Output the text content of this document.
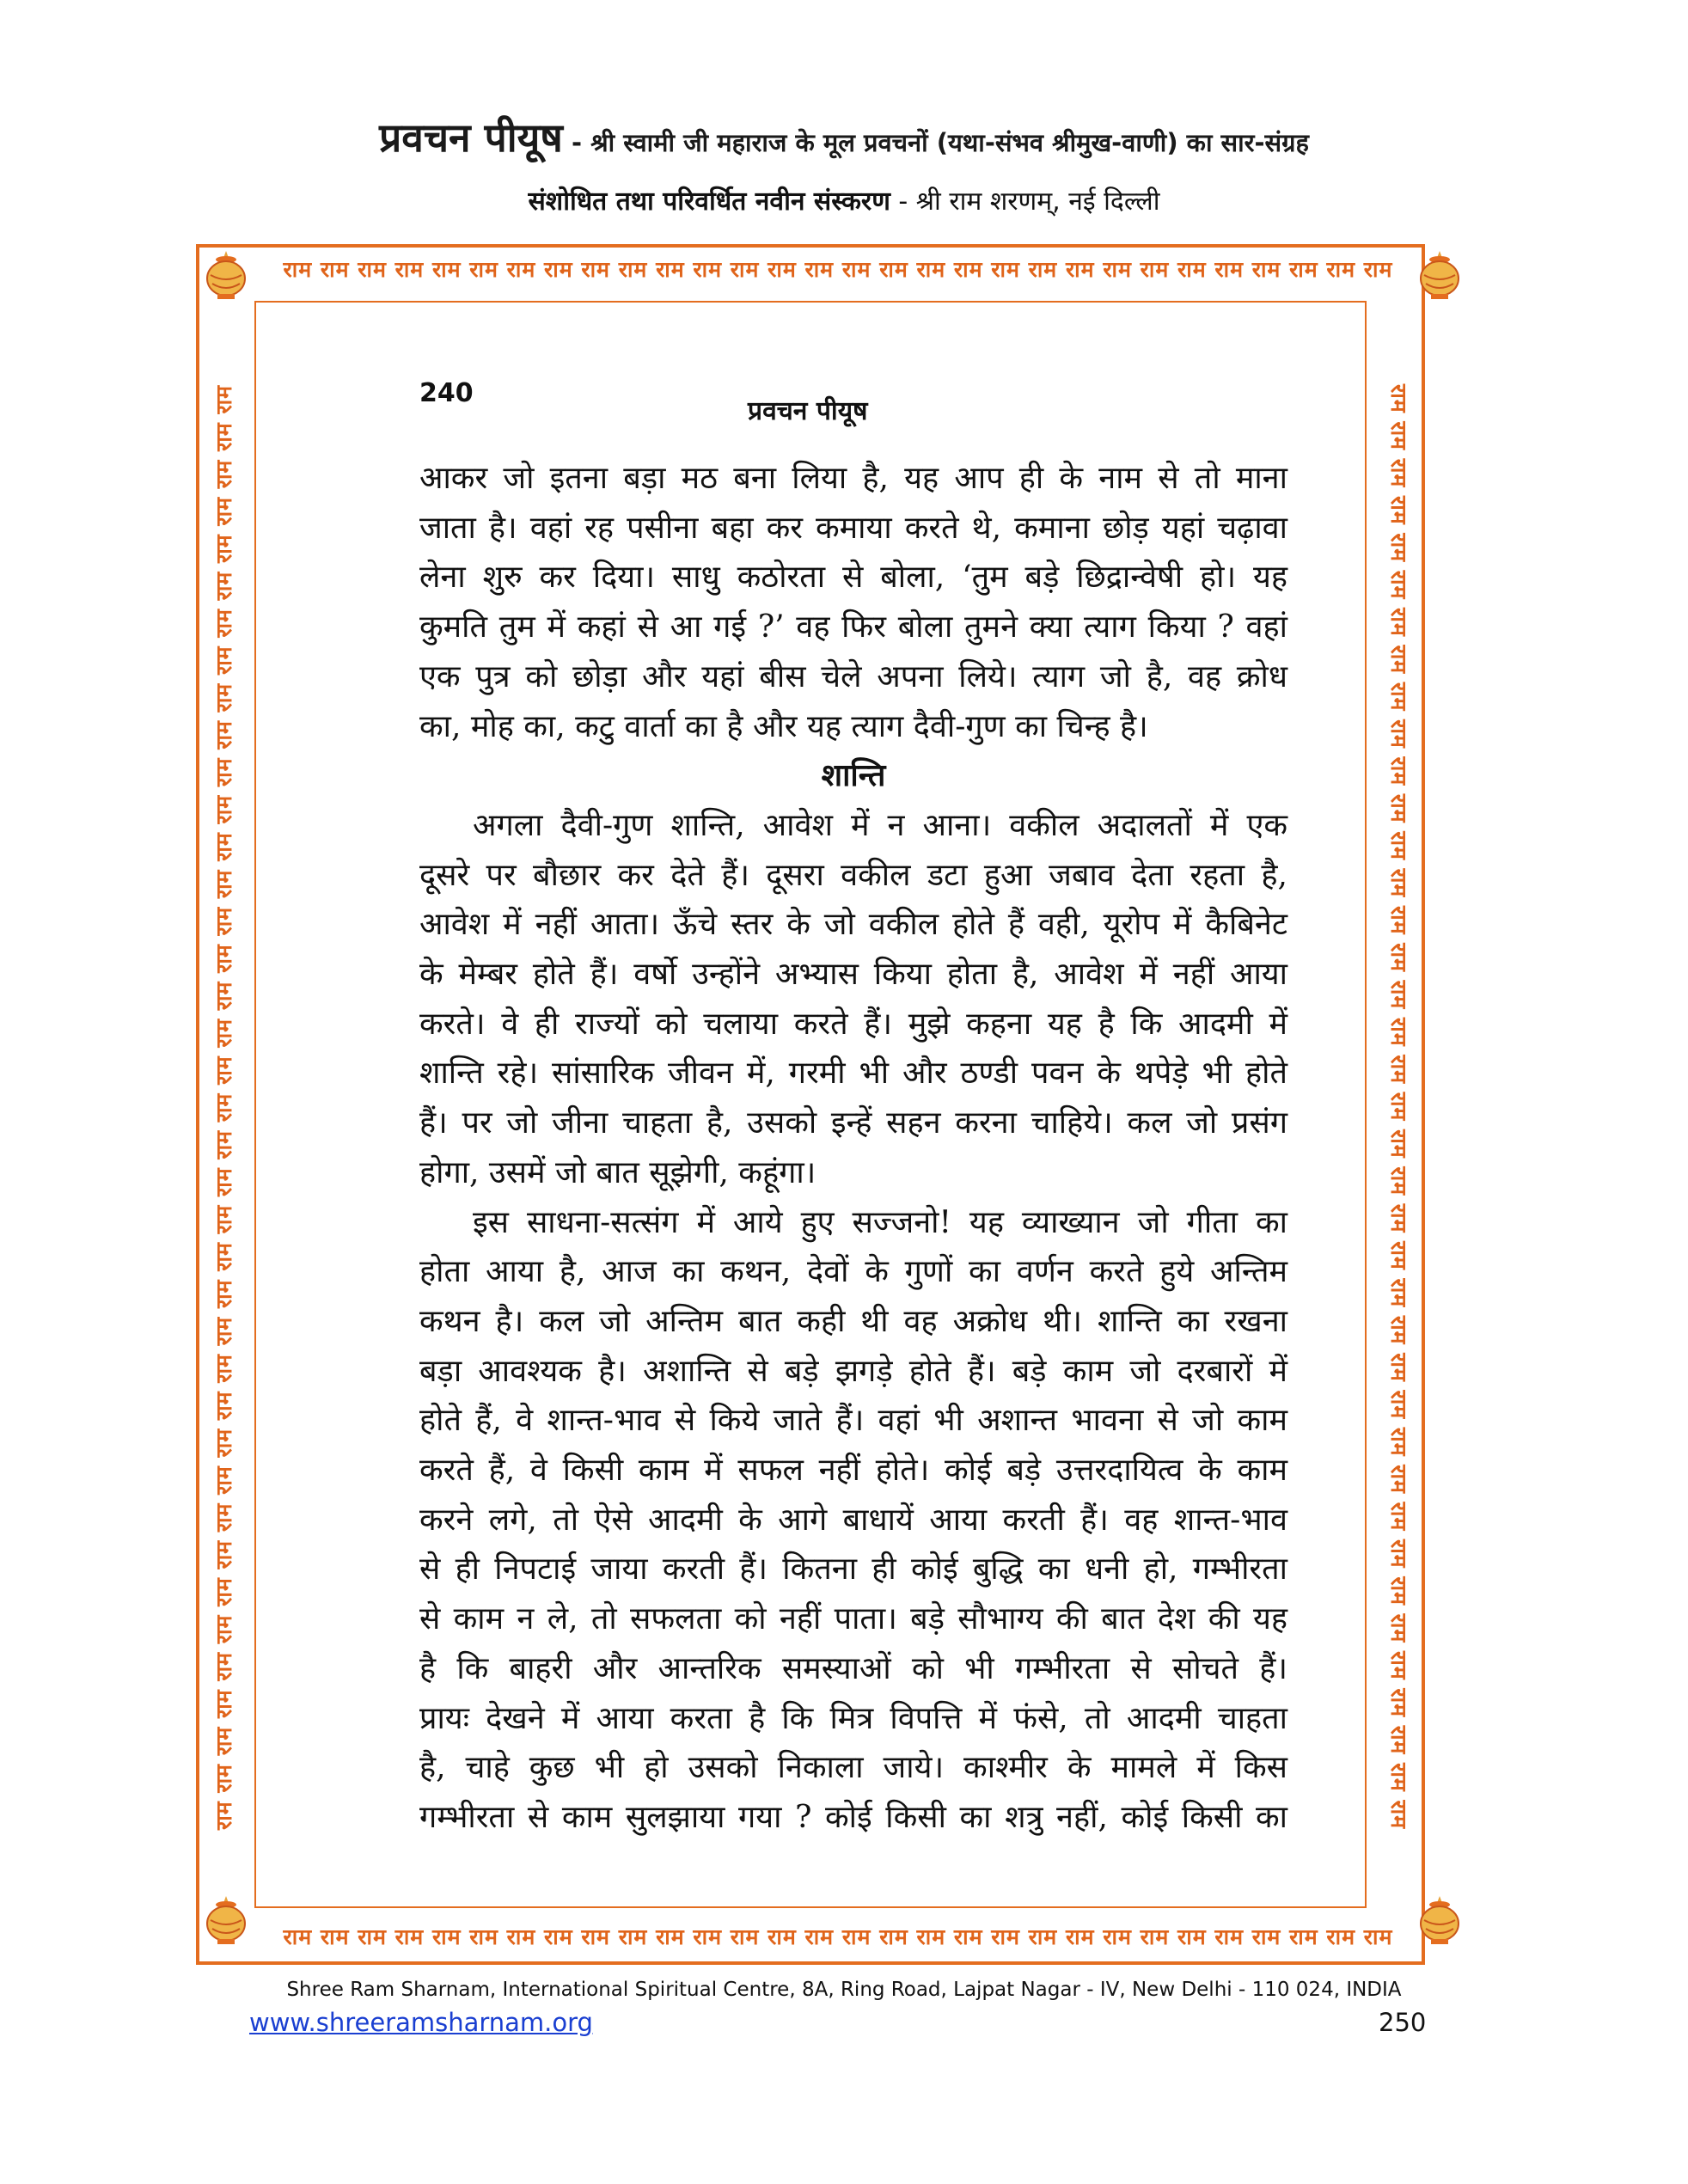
प्रवचन पीयूष - श्री स्वामी जी महाराज के मूल प्रवचनों (यथा-संभव श्रीमुख-वाणी) का सार-संग्रह
संशोधित तथा परिवर्धित नवीन संस्करण - श्री राम शरणम्, नई दिल्ली
राम राम राम राम राम राम राम राम राम राम राम राम राम राम राम राम राम राम राम राम राम राम राम राम राम राम राम राम राम राम
राम राम राम राम राम राम राम राम राम राम राम राम राम राम राम राम राम राम राम राम राम राम राम राम राम राम राम राम राम राम
राम राम राम राम राम राम राम राम राम राम राम राम राम राम राम राम राम राम राम राम राम राम राम राम राम राम राम राम राम राम राम राम राम राम राम राम राम राम राम	राम राम राम राम राम राम राम राम राम राम राम राम राम राम राम राम राम राम राम राम राम राम राम राम राम राम राम राम राम राम राम राम राम राम राम राम राम राम राम
240
प्रवचन पीयूष

आकर जो इतना बड़ा मठ बना लिया है, यह आप ही के नाम से तो माना
जाता है। वहां रह पसीना बहा कर कमाया करते थे, कमाना छोड़ यहां चढ़ावा
लेना शुरु कर दिया। साधु कठोरता से बोला, ‘तुम बड़े छिद्रान्वेषी हो। यह
कुमति तुम में कहां से आ गई ?’ वह फिर बोला तुमने क्या त्याग किया ? वहां
एक पुत्र को छोड़ा और यहां बीस चेले अपना लिये। त्याग जो है, वह क्रोध
का, मोह का, कटु वार्ता का है और यह त्याग दैवी-गुण का चिन्ह है।

शान्ति

अगला दैवी-गुण शान्ति, आवेश में न आना। वकील अदालतों में एक
दूसरे पर बौछार कर देते हैं। दूसरा वकील डटा हुआ जबाव देता रहता है,
आवेश में नहीं आता। ऊँचे स्तर के जो वकील होते हैं वही, यूरोप में कैबिनेट
के मेम्बर होते हैं। वर्षो उन्होंने अभ्यास किया होता है, आवेश में नहीं आया
करते। वे ही राज्यों को चलाया करते हैं। मुझे कहना यह है कि आदमी में
शान्ति रहे। सांसारिक जीवन में, गरमी भी और ठण्डी पवन के थपेड़े भी होते
हैं। पर जो जीना चाहता है, उसको इन्हें सहन करना चाहिये। कल जो प्रसंग
होगा, उसमें जो बात सूझेगी, कहूंगा।

इस साधना-सत्संग में आये हुए सज्जनो! यह व्याख्यान जो गीता का
होता आया है, आज का कथन, देवों के गुणों का वर्णन करते हुये अन्तिम
कथन है। कल जो अन्तिम बात कही थी वह अक्रोध थी। शान्ति का रखना
बड़ा आवश्यक है। अशान्ति से बड़े झगड़े होते हैं। बड़े काम जो दरबारों में
होते हैं, वे शान्त-भाव से किये जाते हैं। वहां भी अशान्त भावना से जो काम
करते हैं, वे किसी काम में सफल नहीं होते। कोई बड़े उत्तरदायित्व के काम
करने लगे, तो ऐसे आदमी के आगे बाधायें आया करती हैं। वह शान्त-भाव
से ही निपटाई जाया करती हैं। कितना ही कोई बुद्धि का धनी हो, गम्भीरता
से काम न ले, तो सफलता को नहीं पाता। बड़े सौभाग्य की बात देश की यह
है कि बाहरी और आन्तरिक समस्याओं को भी गम्भीरता से सोचते हैं।
प्रायः देखने में आया करता है कि मित्र विपत्ति में फंसे, तो आदमी चाहता
है, चाहे कुछ भी हो उसको निकाला जाये। काश्मीर के मामले में किस
गम्भीरता से काम सुलझाया गया ? कोई किसी का शत्रु नहीं, कोई किसी का

Shree Ram Sharnam, International Spiritual Centre, 8A, Ring Road, Lajpat Nagar - IV, New Delhi - 110 024, INDIA
www.shreeramsharnam.org	250
